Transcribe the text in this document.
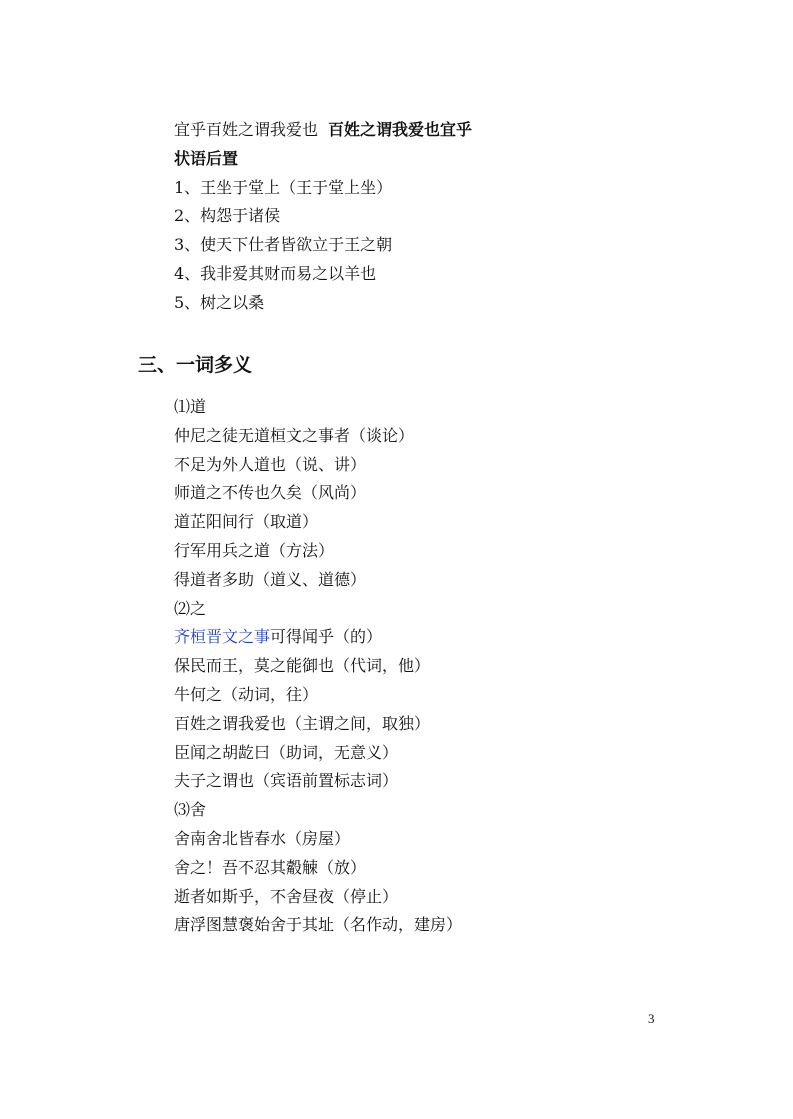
宜乎百姓之谓我爱也 百姓之谓我爱也宜乎
状语后置
1、王坐于堂上（王于堂上坐）
2、构怨于诸侯
3、使天下仕者皆欲立于王之朝
4、我非爱其财而易之以羊也
5、树之以桑
三、一词多义
⑴道
仲尼之徒无道桓文之事者（谈论）
不足为外人道也（说、讲）
师道之不传也久矣（风尚）
道芷阳间行（取道）
行军用兵之道（方法）
得道者多助（道义、道德）
⑵之
齐桓晋文之事可得闻乎（的）
保民而王，莫之能御也（代词，他）
牛何之（动词，往）
百姓之谓我爱也（主谓之间，取独）
臣闻之胡龁曰（助词，无意义）
夫子之谓也（宾语前置标志词）
⑶舍
舍南舍北皆春水（房屋）
舍之！吾不忍其觳觫（放）
逝者如斯乎，不舍昼夜（停止）
唐浮图慧褒始舍于其址（名作动，建房）
3
